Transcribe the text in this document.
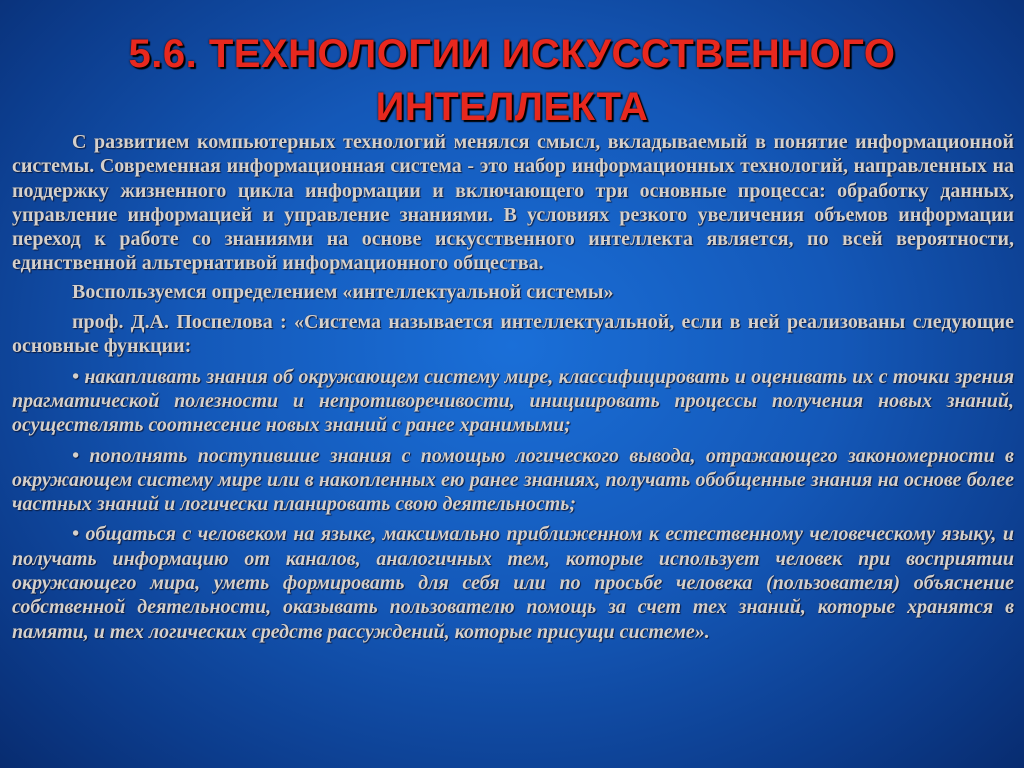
5.6. ТЕХНОЛОГИИ ИСКУССТВЕННОГО
ИНТЕЛЛЕКТА

С развитием компьютерных технологий менялся смысл, вкладываемый в понятие информационной системы. Современная информационная система - это набор информационных технологий, направленных на поддержку жизненного цикла информации и включающего три основные процесса: обработку данных, управление информацией и управление знаниями. В условиях резкого увеличения объемов информации переход к работе со знаниями на основе искусственного интеллекта является, по всей вероятности, единственной альтернативой информационного общества.

Воспользуемся определением «интеллектуальной системы»

проф. Д.А. Поспелова : «Система называется интеллектуальной, если в ней реализованы следующие основные функции:

• накапливать знания об окружающем систему мире, классифицировать и оценивать их с точки зрения прагматической полезности и непротиворечивости, инициировать процессы получения новых знаний, осуществлять соотнесение новых знаний с ранее хранимыми;

• пополнять поступившие знания с помощью логического вывода, отражающего закономерности в окружающем систему мире или в накопленных ею ранее знаниях, получать обобщенные знания на основе более частных знаний и логически планировать свою деятельность;

• общаться с человеком на языке, максимально приближенном к естественному человеческому языку, и получать информацию от каналов, аналогичных тем, которые использует человек при восприятии окружающего мира, уметь формировать для себя или по просьбе человека (пользователя) объяснение собственной деятельности, оказывать пользователю помощь за счет тех знаний, которые хранятся в памяти, и тех логических средств рассуждений, которые присущи системе».
